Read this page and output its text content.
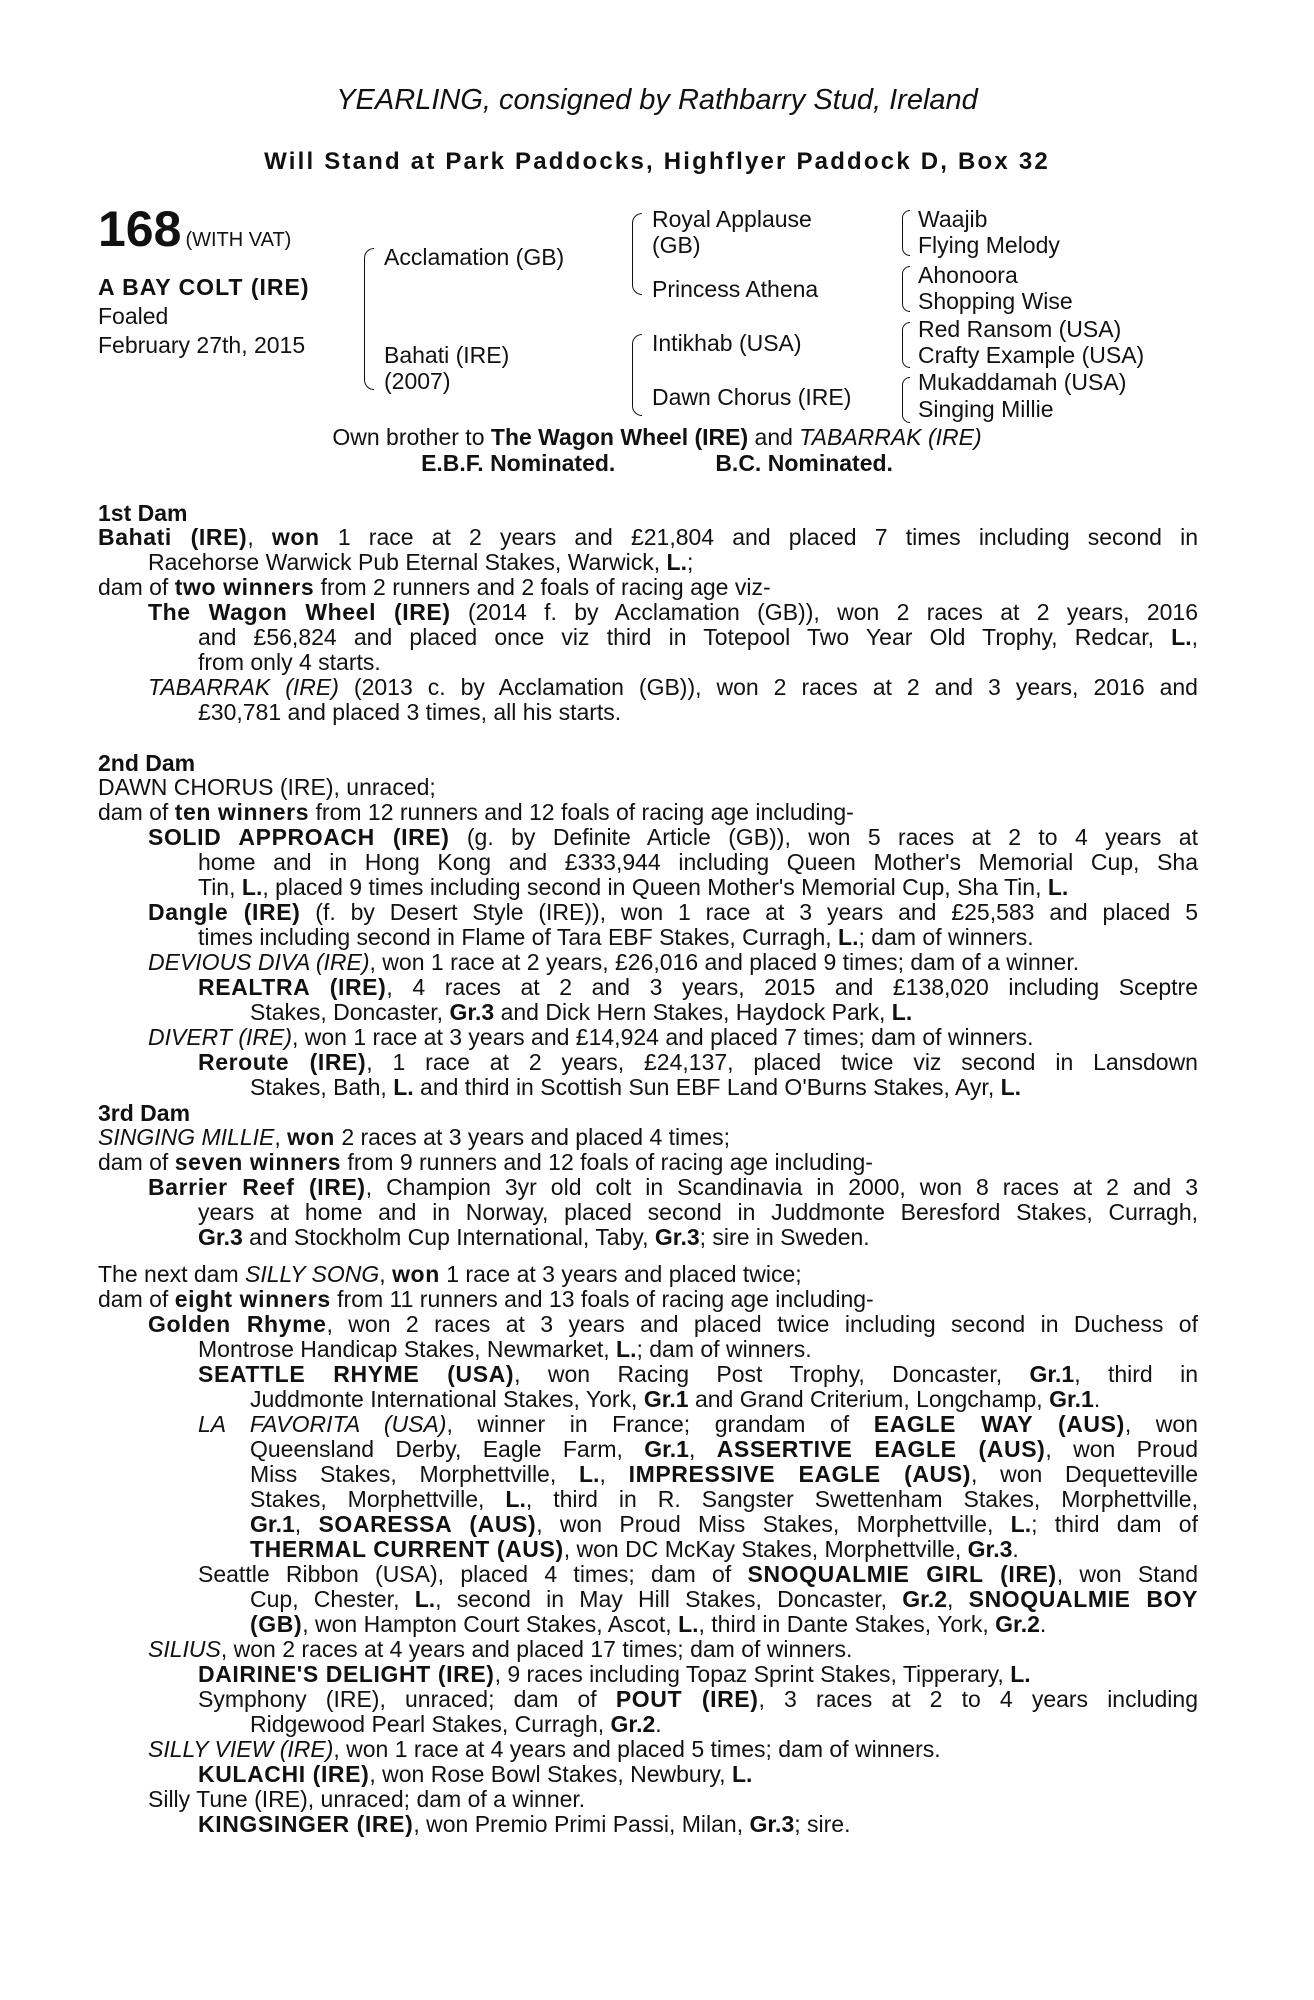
YEARLING, consigned by Rathbarry Stud, Ireland
Will Stand at Park Paddocks, Highflyer Paddock D, Box 32
168 (WITH VAT)
A BAY COLT (IRE)
Foaled
February 27th, 2015
Acclamation (GB)
Bahati (IRE)
(2007)
Royal Applause
(GB)
Princess Athena
Intikhab (USA)
Dawn Chorus (IRE)
Waajib
Flying Melody
Ahonoora
Shopping Wise
Red Ransom (USA)
Crafty Example (USA)
Mukaddamah (USA)
Singing Millie
Own brother to The Wagon Wheel (IRE) and TABARRAK (IRE)
E.B.F. Nominated.	B.C. Nominated.
1st Dam
Bahati (IRE), won 1 race at 2 years and £21,804 and placed 7 times including second in
Racehorse Warwick Pub Eternal Stakes, Warwick, L.;
dam of two winners from 2 runners and 2 foals of racing age viz-
The Wagon Wheel (IRE) (2014 f. by Acclamation (GB)), won 2 races at 2 years, 2016
and £56,824 and placed once viz third in Totepool Two Year Old Trophy, Redcar, L.,
from only 4 starts.
TABARRAK (IRE) (2013 c. by Acclamation (GB)), won 2 races at 2 and 3 years, 2016 and
£30,781 and placed 3 times, all his starts.
2nd Dam
DAWN CHORUS (IRE), unraced;
dam of ten winners from 12 runners and 12 foals of racing age including-
SOLID APPROACH (IRE) (g. by Definite Article (GB)), won 5 races at 2 to 4 years at
home and in Hong Kong and £333,944 including Queen Mother's Memorial Cup, Sha
Tin, L., placed 9 times including second in Queen Mother's Memorial Cup, Sha Tin, L.
Dangle (IRE) (f. by Desert Style (IRE)), won 1 race at 3 years and £25,583 and placed 5
times including second in Flame of Tara EBF Stakes, Curragh, L.; dam of winners.
DEVIOUS DIVA (IRE), won 1 race at 2 years, £26,016 and placed 9 times; dam of a winner.
REALTRA (IRE), 4 races at 2 and 3 years, 2015 and £138,020 including Sceptre
Stakes, Doncaster, Gr.3 and Dick Hern Stakes, Haydock Park, L.
DIVERT (IRE), won 1 race at 3 years and £14,924 and placed 7 times; dam of winners.
Reroute (IRE), 1 race at 2 years, £24,137, placed twice viz second in Lansdown
Stakes, Bath, L. and third in Scottish Sun EBF Land O'Burns Stakes, Ayr, L.
3rd Dam
SINGING MILLIE, won 2 races at 3 years and placed 4 times;
dam of seven winners from 9 runners and 12 foals of racing age including-
Barrier Reef (IRE), Champion 3yr old colt in Scandinavia in 2000, won 8 races at 2 and 3
years at home and in Norway, placed second in Juddmonte Beresford Stakes, Curragh,
Gr.3 and Stockholm Cup International, Taby, Gr.3; sire in Sweden.
The next dam SILLY SONG, won 1 race at 3 years and placed twice;
dam of eight winners from 11 runners and 13 foals of racing age including-
Golden Rhyme, won 2 races at 3 years and placed twice including second in Duchess of
Montrose Handicap Stakes, Newmarket, L.; dam of winners.
SEATTLE RHYME (USA), won Racing Post Trophy, Doncaster, Gr.1, third in
Juddmonte International Stakes, York, Gr.1 and Grand Criterium, Longchamp, Gr.1.
LA FAVORITA (USA), winner in France; grandam of EAGLE WAY (AUS), won
Queensland Derby, Eagle Farm, Gr.1, ASSERTIVE EAGLE (AUS), won Proud
Miss Stakes, Morphettville, L., IMPRESSIVE EAGLE (AUS), won Dequetteville
Stakes, Morphettville, L., third in R. Sangster Swettenham Stakes, Morphettville,
Gr.1, SOARESSA (AUS), won Proud Miss Stakes, Morphettville, L.; third dam of
THERMAL CURRENT (AUS), won DC McKay Stakes, Morphettville, Gr.3.
Seattle Ribbon (USA), placed 4 times; dam of SNOQUALMIE GIRL (IRE), won Stand
Cup, Chester, L., second in May Hill Stakes, Doncaster, Gr.2, SNOQUALMIE BOY
(GB), won Hampton Court Stakes, Ascot, L., third in Dante Stakes, York, Gr.2.
SILIUS, won 2 races at 4 years and placed 17 times; dam of winners.
DAIRINE'S DELIGHT (IRE), 9 races including Topaz Sprint Stakes, Tipperary, L.
Symphony (IRE), unraced; dam of POUT (IRE), 3 races at 2 to 4 years including
Ridgewood Pearl Stakes, Curragh, Gr.2.
SILLY VIEW (IRE), won 1 race at 4 years and placed 5 times; dam of winners.
KULACHI (IRE), won Rose Bowl Stakes, Newbury, L.
Silly Tune (IRE), unraced; dam of a winner.
KINGSINGER (IRE), won Premio Primi Passi, Milan, Gr.3; sire.
